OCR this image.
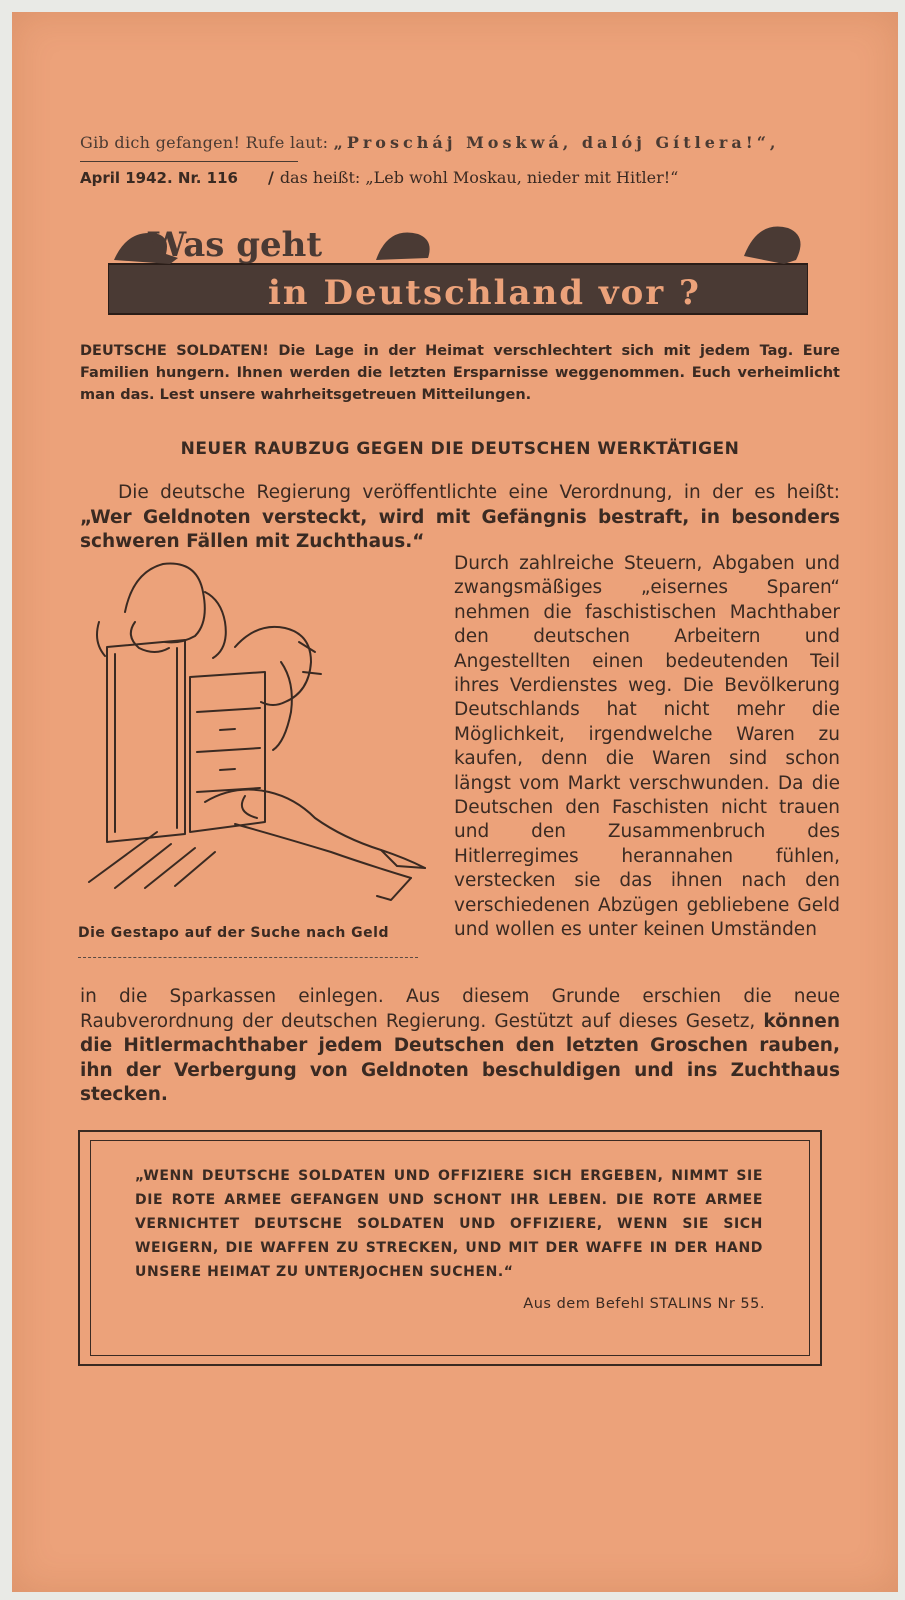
Gib dich gefangen! Rufe laut: „Proscháj Moskwá, dalój Gítlera!“,
April 1942. Nr. 116 / das heißt: „Leb wohl Moskau, nieder mit Hitler!“
Was geht
in Deutschland vor ?
DEUTSCHE SOLDATEN! Die Lage in der Heimat verschlechtert sich mit jedem Tag. Eure Familien hungern. Ihnen werden die letzten Ersparnisse weggenommen. Euch verheimlicht man das. Lest unsere wahrheitsgetreuen Mitteilungen.
NEUER RAUBZUG GEGEN DIE DEUTSCHEN WERKTÄTIGEN
Die deutsche Regierung veröffentlichte eine Verordnung, in der es heißt: „Wer Geldnoten versteckt, wird mit Gefängnis bestraft, in besonders schweren Fällen mit Zuchthaus.“
Die Gestapo auf der Suche nach Geld
Durch zahlreiche Steuern, Abgaben und zwangsmäßiges „eisernes Sparen“ nehmen die faschistischen Machthaber den deutschen Arbeitern und Angestellten einen bedeutenden Teil ihres Verdienstes weg. Die Bevölkerung Deutschlands hat nicht mehr die Möglichkeit, irgendwelche Waren zu kaufen, denn die Waren sind schon längst vom Markt verschwunden. Da die Deutschen den Faschisten nicht trauen und den Zusammenbruch des Hitlerregimes herannahen fühlen, verstecken sie das ihnen nach den verschiedenen Abzügen gebliebene Geld und wollen es unter keinen Umständen
in die Sparkassen einlegen. Aus diesem Grunde erschien die neue Raubverordnung der deutschen Regierung. Gestützt auf dieses Gesetz, können die Hitlermachthaber jedem Deutschen den letzten Groschen rauben, ihn der Verbergung von Geldnoten beschuldigen und ins Zuchthaus stecken.
„WENN DEUTSCHE SOLDATEN UND OFFIZIERE SICH ERGEBEN, NIMMT SIE DIE ROTE ARMEE GEFANGEN UND SCHONT IHR LEBEN. DIE ROTE ARMEE VERNICHTET DEUTSCHE SOLDATEN UND OFFIZIERE, WENN SIE SICH WEIGERN, DIE WAFFEN ZU STRECKEN, UND MIT DER WAFFE IN DER HAND UNSERE HEIMAT ZU UNTERJOCHEN SUCHEN.“
Aus dem Befehl STALINS Nr 55.
